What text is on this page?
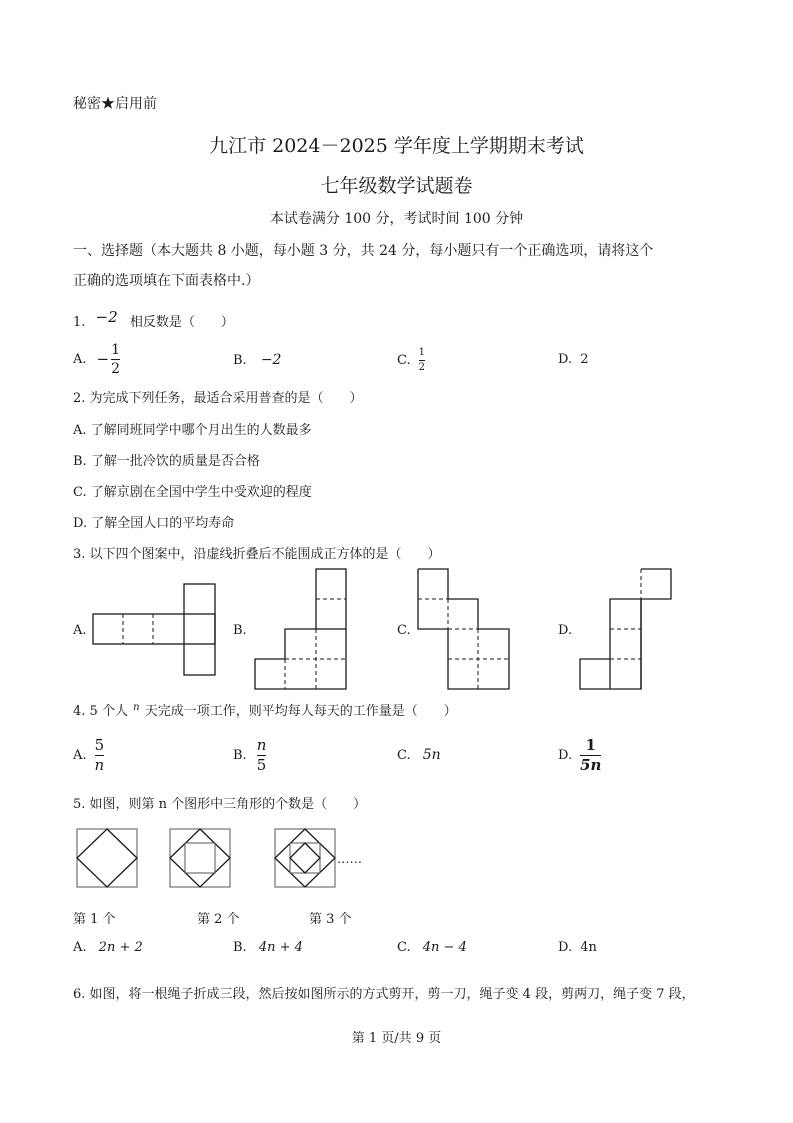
秘密★启用前
九江市 2024－2025 学年度上学期期末考试
七年级数学试题卷
本试卷满分 100 分，考试时间 100 分钟
一、选择题（本大题共 8 小题，每小题 3 分，共 24 分，每小题只有一个正确选项，请将这个
正确的选项填在下面表格中.）
1. −2 相反数是（　　）
A. − $\frac{1}{2}$	B. −2	C. $\frac{1}{2}$	D. 2
2. 为完成下列任务，最适合采用普查的是（　　）
A. 了解同班同学中哪个月出生的人数最多
B. 了解一批冷饮的质量是否合格
C. 了解京剧在全国中学生中受欢迎的程度
D. 了解全国人口的平均寿命
3. 以下四个图案中，沿虚线折叠后不能围成正方体的是（　　）
A.	B.	C.	D.
4. 5 个人 $^n$ 天完成一项工作，则平均每人每天的工作量是（　　）
A. $\frac{5}{n}$	B. $\frac{n}{5}$	C. 5n	D. $\frac{1}{5n}$
5. 如图，则第 n 个图形中三角形的个数是（　　）
……
第 1 个	第 2 个	第 3 个
A. 2n + 2	B. 4n + 4	C. 4n − 4	D. 4n
6. 如图，将一根绳子折成三段，然后按如图所示的方式剪开，剪一刀，绳子变 4 段，剪两刀，绳子变 7 段，
第 1 页/共 9 页
